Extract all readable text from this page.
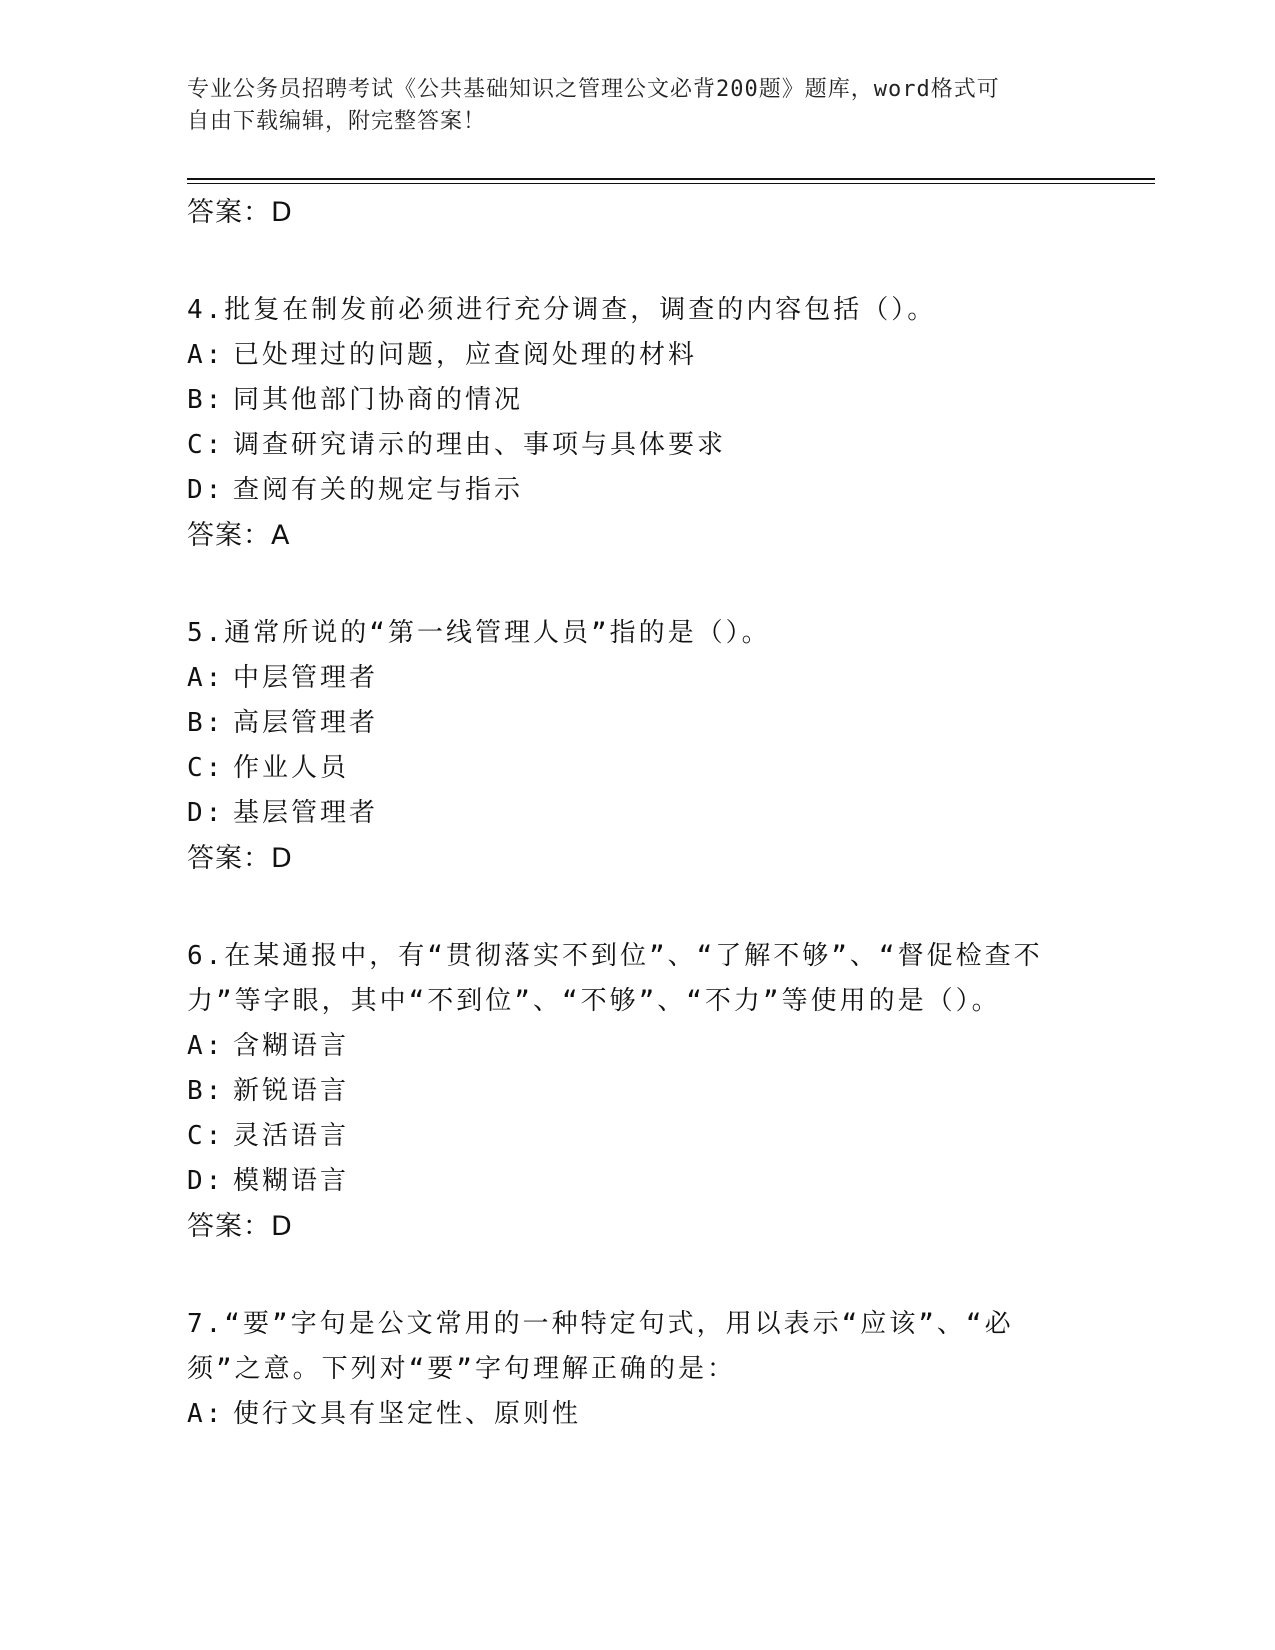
专业公务员招聘考试《公共基础知识之管理公文必背200题》题库，word格式可
自由下载编辑，附完整答案！
答案：D
4.批复在制发前必须进行充分调查，调查的内容包括（）。
A: 已处理过的问题，应查阅处理的材料
B: 同其他部门协商的情况
C: 调查研究请示的理由、事项与具体要求
D: 查阅有关的规定与指示
答案：A
5.通常所说的“第一线管理人员”指的是（）。
A: 中层管理者
B: 高层管理者
C: 作业人员
D: 基层管理者
答案：D
6.在某通报中，有“贯彻落实不到位”、“了解不够”、“督促检查不力”等字眼，其中“不到位”、“不够”、“不力”等使用的是（）。
A: 含糊语言
B: 新锐语言
C: 灵活语言
D: 模糊语言
答案：D
7.“要”字句是公文常用的一种特定句式，用以表示“应该”、“必须”之意。下列对“要”字句理解正确的是：
A: 使行文具有坚定性、原则性
